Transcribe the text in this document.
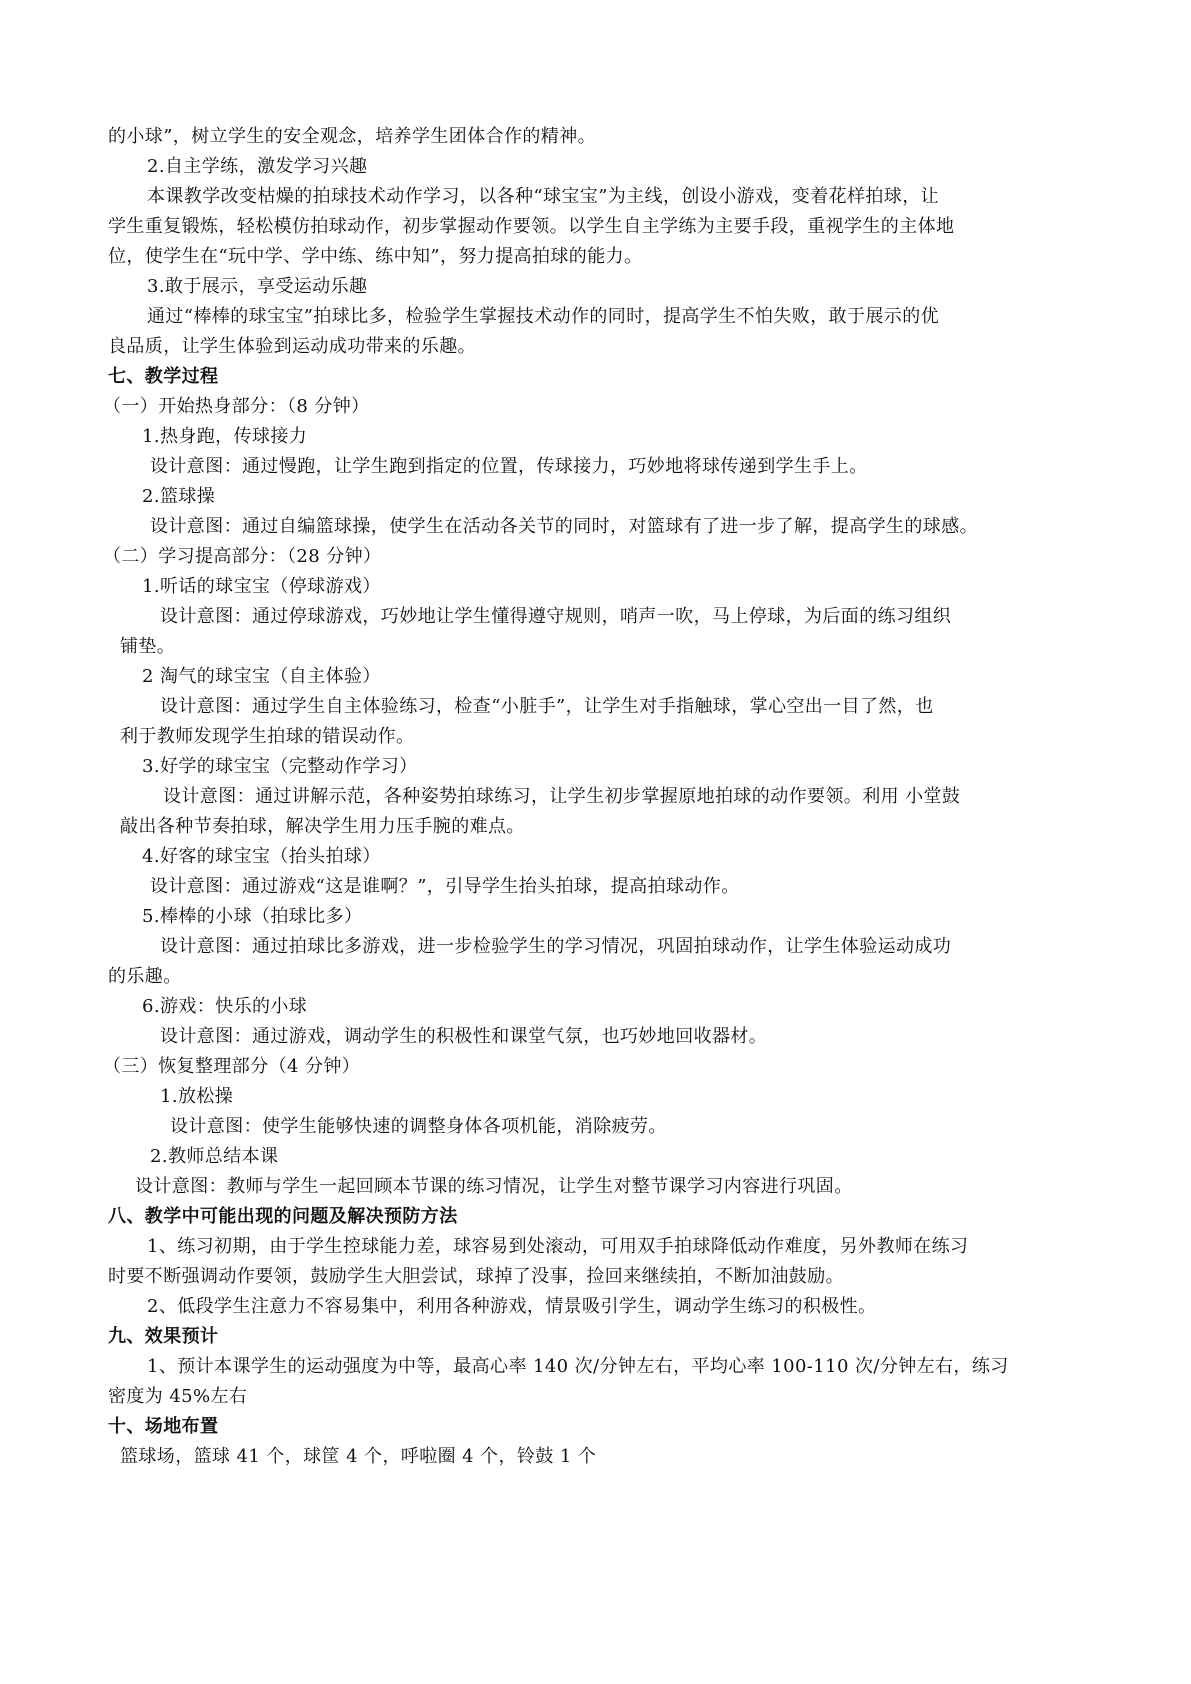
的小球”，树立学生的安全观念，培养学生团体合作的精神。
2.自主学练，激发学习兴趣
本课教学改变枯燥的拍球技术动作学习，以各种“球宝宝”为主线，创设小游戏，变着花样拍球，让
学生重复锻炼，轻松模仿拍球动作，初步掌握动作要领。以学生自主学练为主要手段，重视学生的主体地
位，使学生在“玩中学、学中练、练中知”，努力提高拍球的能力。
3.敢于展示，享受运动乐趣
通过“棒棒的球宝宝”拍球比多，检验学生掌握技术动作的同时，提高学生不怕失败，敢于展示的优
良品质，让学生体验到运动成功带来的乐趣。
七、教学过程
（一）开始热身部分：（8 分钟）
1.热身跑，传球接力
设计意图：通过慢跑，让学生跑到指定的位置，传球接力，巧妙地将球传递到学生手上。
2.篮球操
设计意图：通过自编篮球操，使学生在活动各关节的同时，对篮球有了进一步了解，提高学生的球感。
（二）学习提高部分：（28 分钟）
1.听话的球宝宝（停球游戏）
设计意图：通过停球游戏，巧妙地让学生懂得遵守规则，哨声一吹，马上停球，为后面的练习组织
铺垫。
2 淘气的球宝宝（自主体验）
设计意图：通过学生自主体验练习，检查“小脏手”，让学生对手指触球，掌心空出一目了然，也
利于教师发现学生拍球的错误动作。
3.好学的球宝宝（完整动作学习）
设计意图：通过讲解示范，各种姿势拍球练习，让学生初步掌握原地拍球的动作要领。利用 小堂鼓
敲出各种节奏拍球，解决学生用力压手腕的难点。
4.好客的球宝宝（抬头拍球）
设计意图：通过游戏“这是谁啊？”，引导学生抬头拍球，提高拍球动作。
5.棒棒的小球（拍球比多）
设计意图：通过拍球比多游戏，进一步检验学生的学习情况，巩固拍球动作，让学生体验运动成功
的乐趣。
6.游戏：快乐的小球
设计意图：通过游戏，调动学生的积极性和课堂气氛，也巧妙地回收器材。
（三）恢复整理部分（4 分钟）
1.放松操
设计意图：使学生能够快速的调整身体各项机能，消除疲劳。
2.教师总结本课
设计意图：教师与学生一起回顾本节课的练习情况，让学生对整节课学习内容进行巩固。
八、教学中可能出现的问题及解决预防方法
1、练习初期，由于学生控球能力差，球容易到处滚动，可用双手拍球降低动作难度，另外教师在练习
时要不断强调动作要领，鼓励学生大胆尝试，球掉了没事，捡回来继续拍，不断加油鼓励。
2、低段学生注意力不容易集中，利用各种游戏，情景吸引学生，调动学生练习的积极性。
九、效果预计
1、预计本课学生的运动强度为中等，最高心率 140 次/分钟左右，平均心率 100-110 次/分钟左右，练习
密度为 45%左右
十、场地布置
篮球场，篮球 41 个，球筐 4 个，呼啦圈 4 个，铃鼓 1 个
